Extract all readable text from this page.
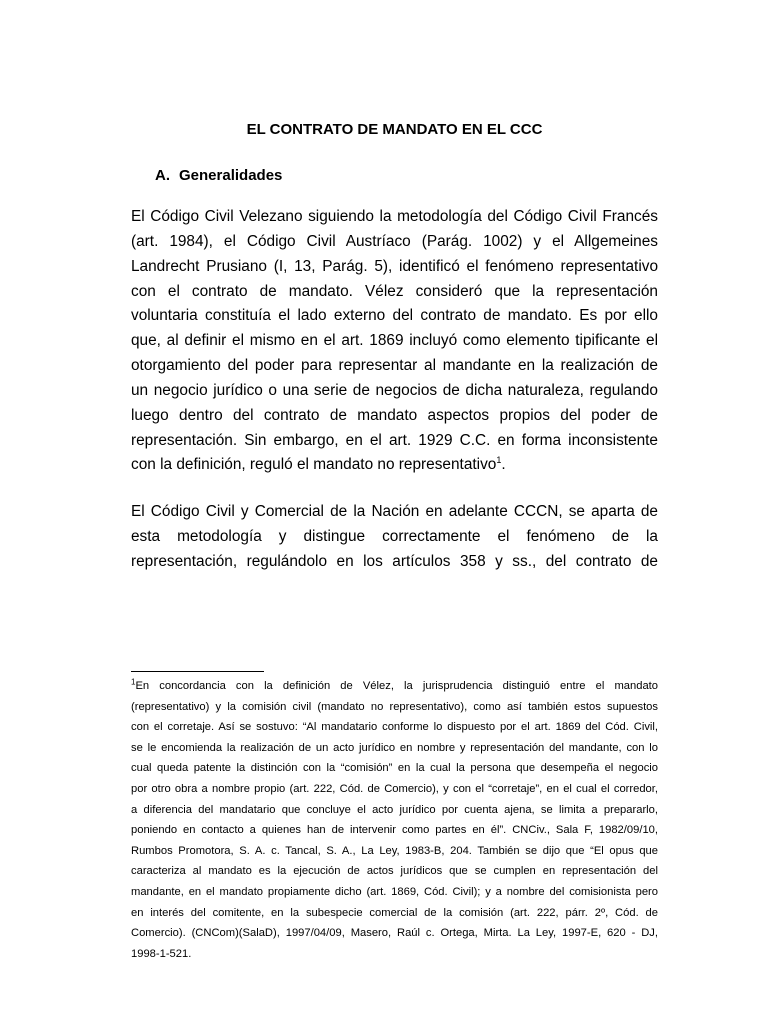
EL CONTRATO DE MANDATO EN EL CCC
A. Generalidades

El Código Civil Velezano siguiendo la metodología del Código Civil Francés
(art. 1984), el Código Civil Austríaco (Parág. 1002) y el Allgemeines
Landrecht Prusiano (I, 13, Parág. 5), identificó el fenómeno representativo
con el contrato de mandato. Vélez consideró que la representación
voluntaria constituía el lado externo del contrato de mandato. Es por ello
que, al definir el mismo en el art. 1869 incluyó como elemento tipificante el
otorgamiento del poder para representar al mandante en la realización de
un negocio jurídico o una serie de negocios de dicha naturaleza, regulando
luego dentro del contrato de mandato aspectos propios del poder de
representación. Sin embargo, en el art. 1929 C.C. en forma inconsistente
con la definición, reguló el mandato no representativo$^1$.

El Código Civil y Comercial de la Nación en adelante CCCN, se aparta de
esta metodología y distingue correctamente el fenómeno de la
representación, regulándolo en los artículos 358 y ss., del contrato de

$^1$En concordancia con la definición de Vélez, la jurisprudencia distinguió entre el mandato
(representativo) y la comisión civil (mandato no representativo), como así también estos supuestos
con el corretaje. Así se sostuvo: “Al mandatario conforme lo dispuesto por el art. 1869 del Cód. Civil,
se le encomienda la realización de un acto jurídico en nombre y representación del mandante, con lo
cual queda patente la distinción con la “comisión” en la cual la persona que desempeña el negocio
por otro obra a nombre propio (art. 222, Cód. de Comercio), y con el “corretaje”, en el cual el corredor,
a diferencia del mandatario que concluye el acto jurídico por cuenta ajena, se limita a prepararlo,
poniendo en contacto a quienes han de intervenir como partes en él”. CNCiv., Sala F, 1982/09/10,
Rumbos Promotora, S. A. c. Tancal, S. A., La Ley, 1983-B, 204. También se dijo que “El opus que
caracteriza al mandato es la ejecución de actos jurídicos que se cumplen en representación del
mandante, en el mandato propiamente dicho (art. 1869, Cód. Civil); y a nombre del comisionista pero
en interés del comitente, en la subespecie comercial de la comisión (art. 222, párr. 2º, Cód. de
Comercio). (CNCom)(SalaD), 1997/04/09, Masero, Raúl c. Ortega, Mirta. La Ley, 1997-E, 620 - DJ,
1998-1-521.
